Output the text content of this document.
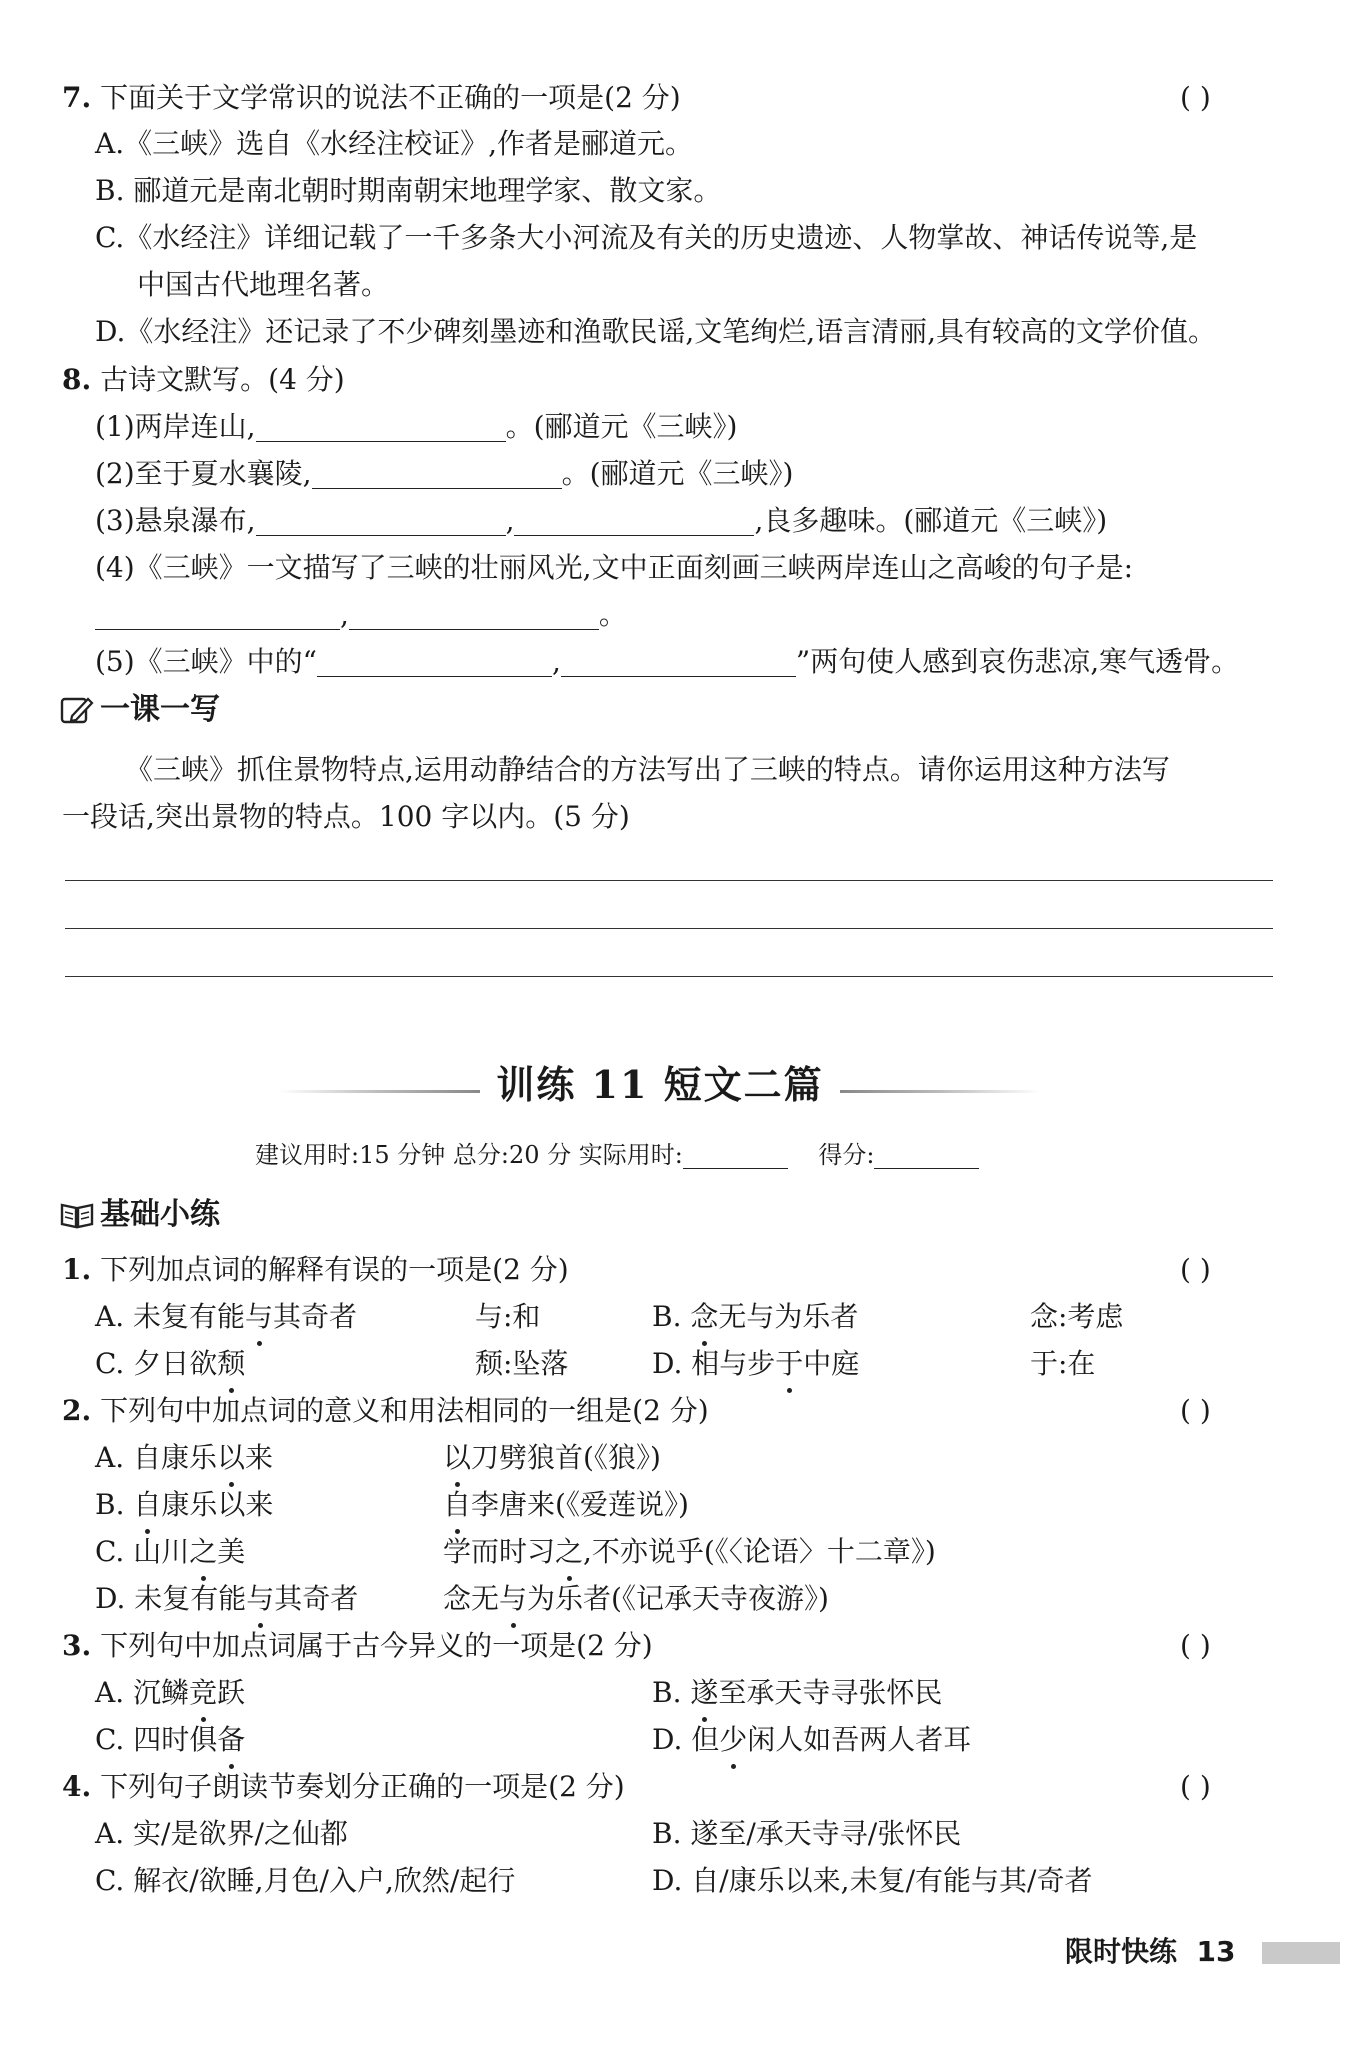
7. 下面关于文学常识的说法不正确的一项是(2 分)	( )
A.《三峡》选自《水经注校证》,作者是郦道元。
B. 郦道元是南北朝时期南朝宋地理学家、散文家。
C.《水经注》详细记载了一千多条大小河流及有关的历史遗迹、人物掌故、神话传说等,是
中国古代地理名著。
D.《水经注》还记录了不少碑刻墨迹和渔歌民谣,文笔绚烂,语言清丽,具有较高的文学价值。
8. 古诗文默写。(4 分)
(1)两岸连山,	。(郦道元《三峡》)
(2)至于夏水襄陵,	。(郦道元《三峡》)
(3)悬泉瀑布,	,	,良多趣味。(郦道元《三峡》)
(4)《三峡》一文描写了三峡的壮丽风光,文中正面刻画三峡两岸连山之高峻的句子是:
,	。
(5)《三峡》中的“	,	”两句使人感到哀伤悲凉,寒气透骨。
一课一写
《三峡》抓住景物特点,运用动静结合的方法写出了三峡的特点。请你运用这种方法写
一段话,突出景物的特点。100 字以内。(5 分)
训练 11 短文二篇
建议用时:15 分钟 总分:20 分 实际用时:	得分:
基础小练
1. 下列加点词的解释有误的一项是(2 分)	( )
A. 未复有能与其奇者	与:和	B. 念无与为乐者	念:考虑
C. 夕日欲颓	颓:坠落	D. 相与步于中庭	于:在
2. 下列句中加点词的意义和用法相同的一组是(2 分)	( )
A. 自康乐以来	以刀劈狼首(《狼》)
B. 自康乐以来	自李唐来(《爱莲说》)
C. 山川之美	学而时习之,不亦说乎(《〈论语〉十二章》)
D. 未复有能与其奇者	念无与为乐者(《记承天寺夜游》)
3. 下列句中加点词属于古今异义的一项是(2 分)	( )
A. 沉鳞竞跃	B. 遂至承天寺寻张怀民
C. 四时俱备	D. 但少闲人如吾两人者耳
4. 下列句子朗读节奏划分正确的一项是(2 分)	( )
A. 实/是欲界/之仙都	B. 遂至/承天寺寻/张怀民
C. 解衣/欲睡,月色/入户,欣然/起行	D. 自/康乐以来,未复/有能与其/奇者
限时快练 13
